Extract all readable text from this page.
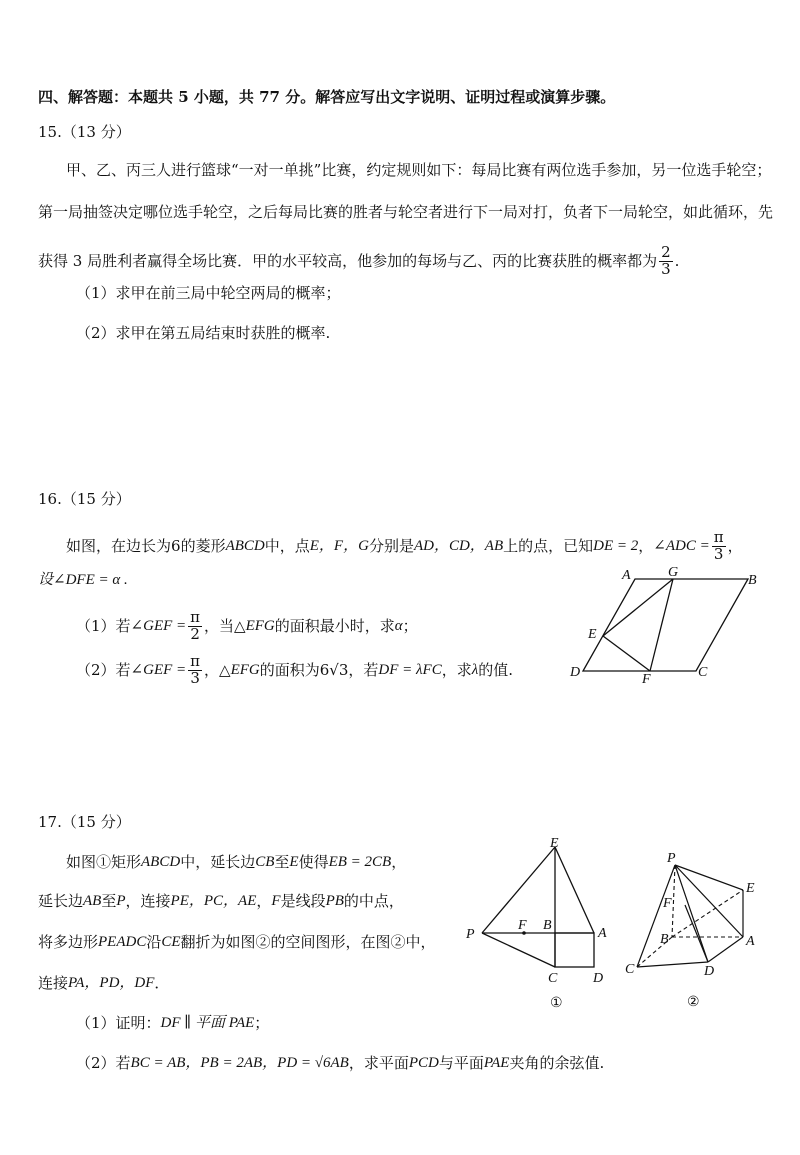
四、解答题：本题共 5 小题，共 77 分。解答应写出文字说明、证明过程或演算步骤。
15.（13 分）
甲、乙、丙三人进行篮球“一对一单挑”比赛，约定规则如下：每局比赛有两位选手参加，另一位选手轮空；
第一局抽签决定哪位选手轮空，之后每局比赛的胜者与轮空者进行下一局对打，负者下一局轮空，如此循环，先
获得 3 局胜利者赢得全场比赛．甲的水平较高，他参加的每场与乙、丙的比赛获胜的概率都为 $\frac{2}{3}$ .
（1）求甲在前三局中轮空两局的概率；
（2）求甲在第五局结束时获胜的概率.
16.（15 分）
如图，在边长为 6 的菱形 ABCD 中，点 E，F，G 分别是 AD，CD，AB 上的点，已知 DE = 2 ， ∠ADC = $\frac{\pi}{3}$ ，
设∠DFE = α .
（1）若 ∠GEF = $\frac{\pi}{2}$ ，当△ EFG 的面积最小时，求 α ；
（2）若 ∠GEF = $\frac{\pi}{3}$ ，△ EFG 的面积为 6√3 ，若 DF = λFC ，求 λ 的值.
A	G
B
E
D	F	C
17.（15 分）
如图①矩形 ABCD 中，延长边 CB 至 E 使得 EB = 2CB ，
延长边 AB 至 P ，连接 PE，PC，AE ， F 是线段 PB 的中点，
将多边形 PEADC 沿 CE 翻折为如图②的空间图形，在图②中，
连接 PA，PD，DF ．
（1）证明： DF ∥ 平面 PAE ；
（2）若 BC = AB，PB = 2AB，PD = √6AB ，求平面 PCD 与平面 PAE 夹角的余弦值.
E
P
F B
A
C	D
①
P
E
F
B	A
C	D
②
